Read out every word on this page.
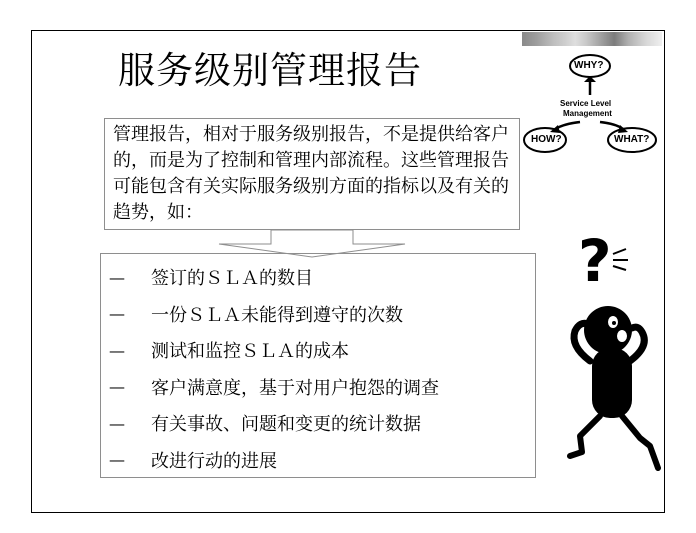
服务级别管理报告
管理报告，相对于服务级别报告，不是提供给客户的，而是为了控制和管理内部流程。这些管理报告可能包含有关实际服务级别方面的指标以及有关的趋势，如：
—	签订的ＳＬＡ的数目
—	一份ＳＬＡ未能得到遵守的次数
—	测试和监控ＳＬＡ的成本
—	客户满意度，基于对用户抱怨的调查
—	有关事故、问题和变更的统计数据
—	改进行动的进展
WHY?
Service Level
Management
HOW?	WHAT?
?
